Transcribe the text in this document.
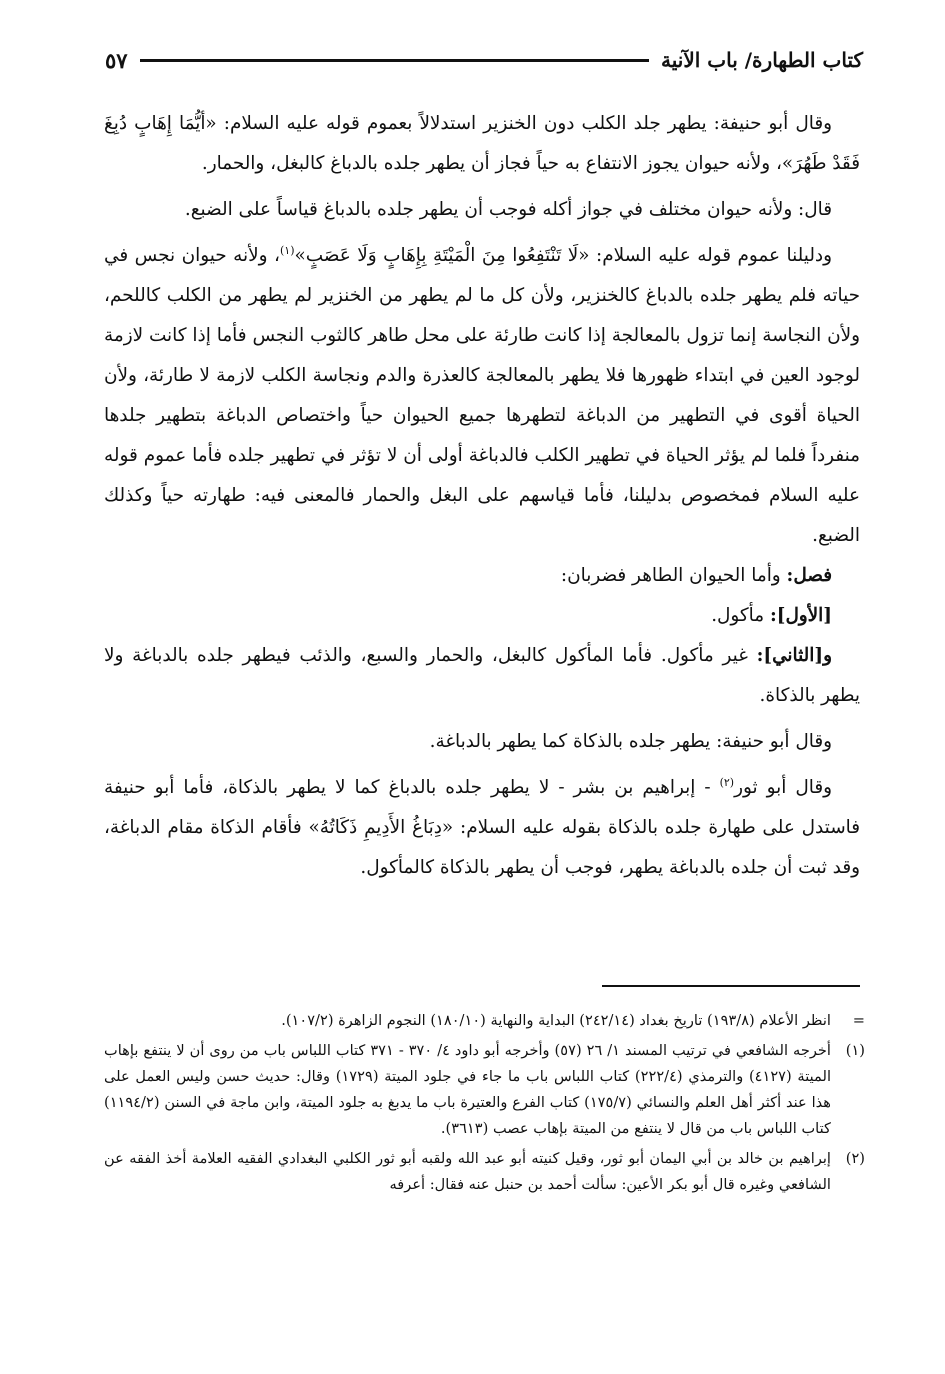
كتاب الطهارة/ باب الآنية
٥٧

وقال أبو حنيفة: يطهر جلد الكلب دون الخنزير استدلالاً بعموم قوله عليه السلام: «أيُّمَا إِهَابٍ دُبِغَ فَقَدْ طَهُرَ»، ولأنه حيوان يجوز الانتفاع به حياً فجاز أن يطهر جلده بالدباغ كالبغل، والحمار.

قال: ولأنه حيوان مختلف في جواز أكله فوجب أن يطهر جلده بالدباغ قياساً على الضبع.

ودليلنا عموم قوله عليه السلام: «لَا تَنْتَفِعُوا مِنَ الْمَيْتَةِ بِإِهَابٍ وَلَا عَصَبٍ»$^{(١)}$، ولأنه حيوان نجس في حياته فلم يطهر جلده بالدباغ كالخنزير، ولأن كل ما لم يطهر من الخنزير لم يطهر من الكلب كاللحم، ولأن النجاسة إنما تزول بالمعالجة إذا كانت طارئة على محل طاهر كالثوب النجس فأما إذا كانت لازمة لوجود العين في ابتداء ظهورها فلا يطهر بالمعالجة كالعذرة والدم ونجاسة الكلب لازمة لا طارئة، ولأن الحياة أقوى في التطهير من الدباغة لتطهرها جميع الحيوان حياً واختصاص الدباغة بتطهير جلدها منفرداً فلما لم يؤثر الحياة في تطهير الكلب فالدباغة أولى أن لا تؤثر في تطهير جلده فأما عموم قوله عليه السلام فمخصوص بدليلنا، فأما قياسهم على البغل والحمار فالمعنى فيه: طهارته حياً وكذلك الضبع.

فصل: وأما الحيوان الطاهر فضربان:

[الأول]: مأكول.

و[الثاني]: غير مأكول. فأما المأكول كالبغل، والحمار والسبع، والذئب فيطهر جلده بالدباغة ولا يطهر بالذكاة.

وقال أبو حنيفة: يطهر جلده بالذكاة كما يطهر بالدباغة.

وقال أبو ثور$^{(٢)}$ - إبراهيم بن بشر - لا يطهر جلده بالدباغ كما لا يطهر بالذكاة، فأما أبو حنيفة فاستدل على طهارة جلده بالذكاة بقوله عليه السلام: «دِبَاغُ الأَدِيمِ ذَكَاتُهُ» فأقام الذكاة مقام الدباغة، وقد ثبت أن جلده بالدباغة يطهر، فوجب أن يطهر بالذكاة كالمأكول.

=
انظر الأعلام (١٩٣/٨) تاريخ بغداد (٢٤٢/١٤) البداية والنهاية (١٨٠/١٠) النجوم الزاهرة (١٠٧/٢).
(١)
أخرجه الشافعي في ترتيب المسند ١/ ٢٦ (٥٧) وأخرجه أبو داود ٤/ ٣٧٠ - ٣٧١ كتاب اللباس باب من روى أن لا ينتفع بإهاب الميتة (٤١٢٧) والترمذي (٢٢٢/٤) كتاب اللباس باب ما جاء في جلود الميتة (١٧٢٩) وقال: حديث حسن وليس العمل على هذا عند أكثر أهل العلم والنسائي (١٧٥/٧) كتاب الفرع والعتيرة باب ما يدبغ به جلود الميتة، وابن ماجة في السنن (١١٩٤/٢) كتاب اللباس باب من قال لا ينتفع من الميتة بإهاب عصب (٣٦١٣).
(٢)
إبراهيم بن خالد بن أبي اليمان أبو ثور، وقيل كنيته أبو عبد الله ولقبه أبو ثور الكلبي البغدادي الفقيه العلامة أخذ الفقه عن الشافعي وغيره قال أبو بكر الأعين: سألت أحمد بن حنبل عنه فقال: أعرفه
